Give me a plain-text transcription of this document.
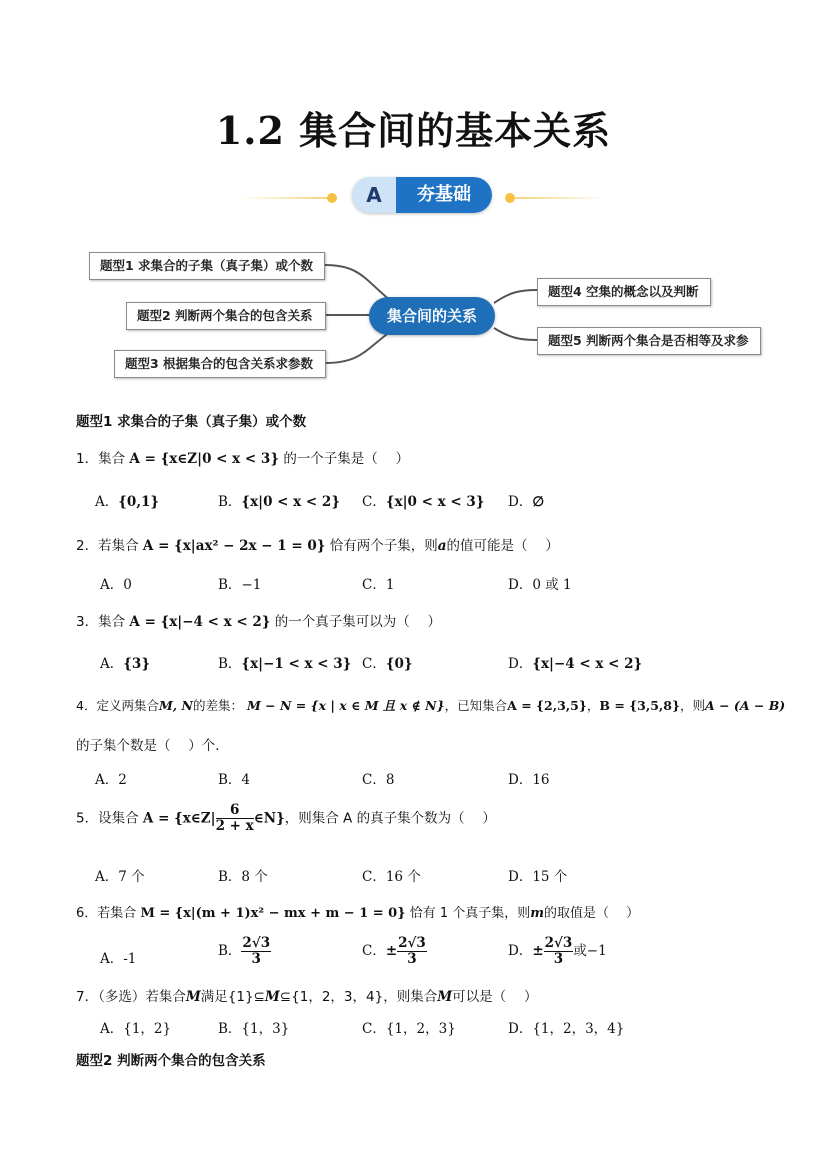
1.2 集合间的基本关系
A	夯基础
题型1 求集合的子集（真子集）或个数
题型2 判断两个集合的包含关系
题型3 根据集合的包含关系求参数
集合间的关系
题型4 空集的概念以及判断
题型5 判断两个集合是否相等及求参
题型1 求集合的子集（真子集）或个数
1．集合 A = {x∈Z|0 < x < 3} 的一个子集是（　 ）
A．{0,1}	B．{x|0 < x < 2} C．{x|0 < x < 3} D．∅
2．若集合 A = {x|ax² − 2x − 1 = 0} 恰有两个子集，则a的值可能是（　 ）
A．0	B．−1	C．1	D．0 或 1
3．集合 A = {x|−4 < x < 2} 的一个真子集可以为（　 ）
A．{3}	B．{x|−1 < x < 3} C．{0}	D．{x|−4 < x < 2}
4．定义两集合M, N的差集： M − N = {x | x ∈ M 且 x ∉ N}，已知集合A = {2,3,5}，B = {3,5,8}，则A − (A − B)
的子集个数是（　 ）个．
A．2	B．4	C．8	D．16
5．设集合 A = {x∈Z| $\frac{6}{2 + x}$ ∈N}，则集合 A 的真子集个数为（　 ）
A．7 个	B．8 个	C．16 个	D．15 个
6．若集合 M = {x|(m + 1)x² − mx + m − 1 = 0} 恰有 1 个真子集，则m的取值是（　 ）
A．-1
B． $\frac{2√3}{3}$	C．± $\frac{2√3}{3}$	D．± $\frac{2√3}{3}$ 或−1
7．（多选）若集合M满足{1}⊆M⊆{1，2，3，4}，则集合M可以是（　 ）
A．{1，2}	B．{1，3}	C．{1，2，3}	D．{1，2，3，4}
题型2 判断两个集合的包含关系
